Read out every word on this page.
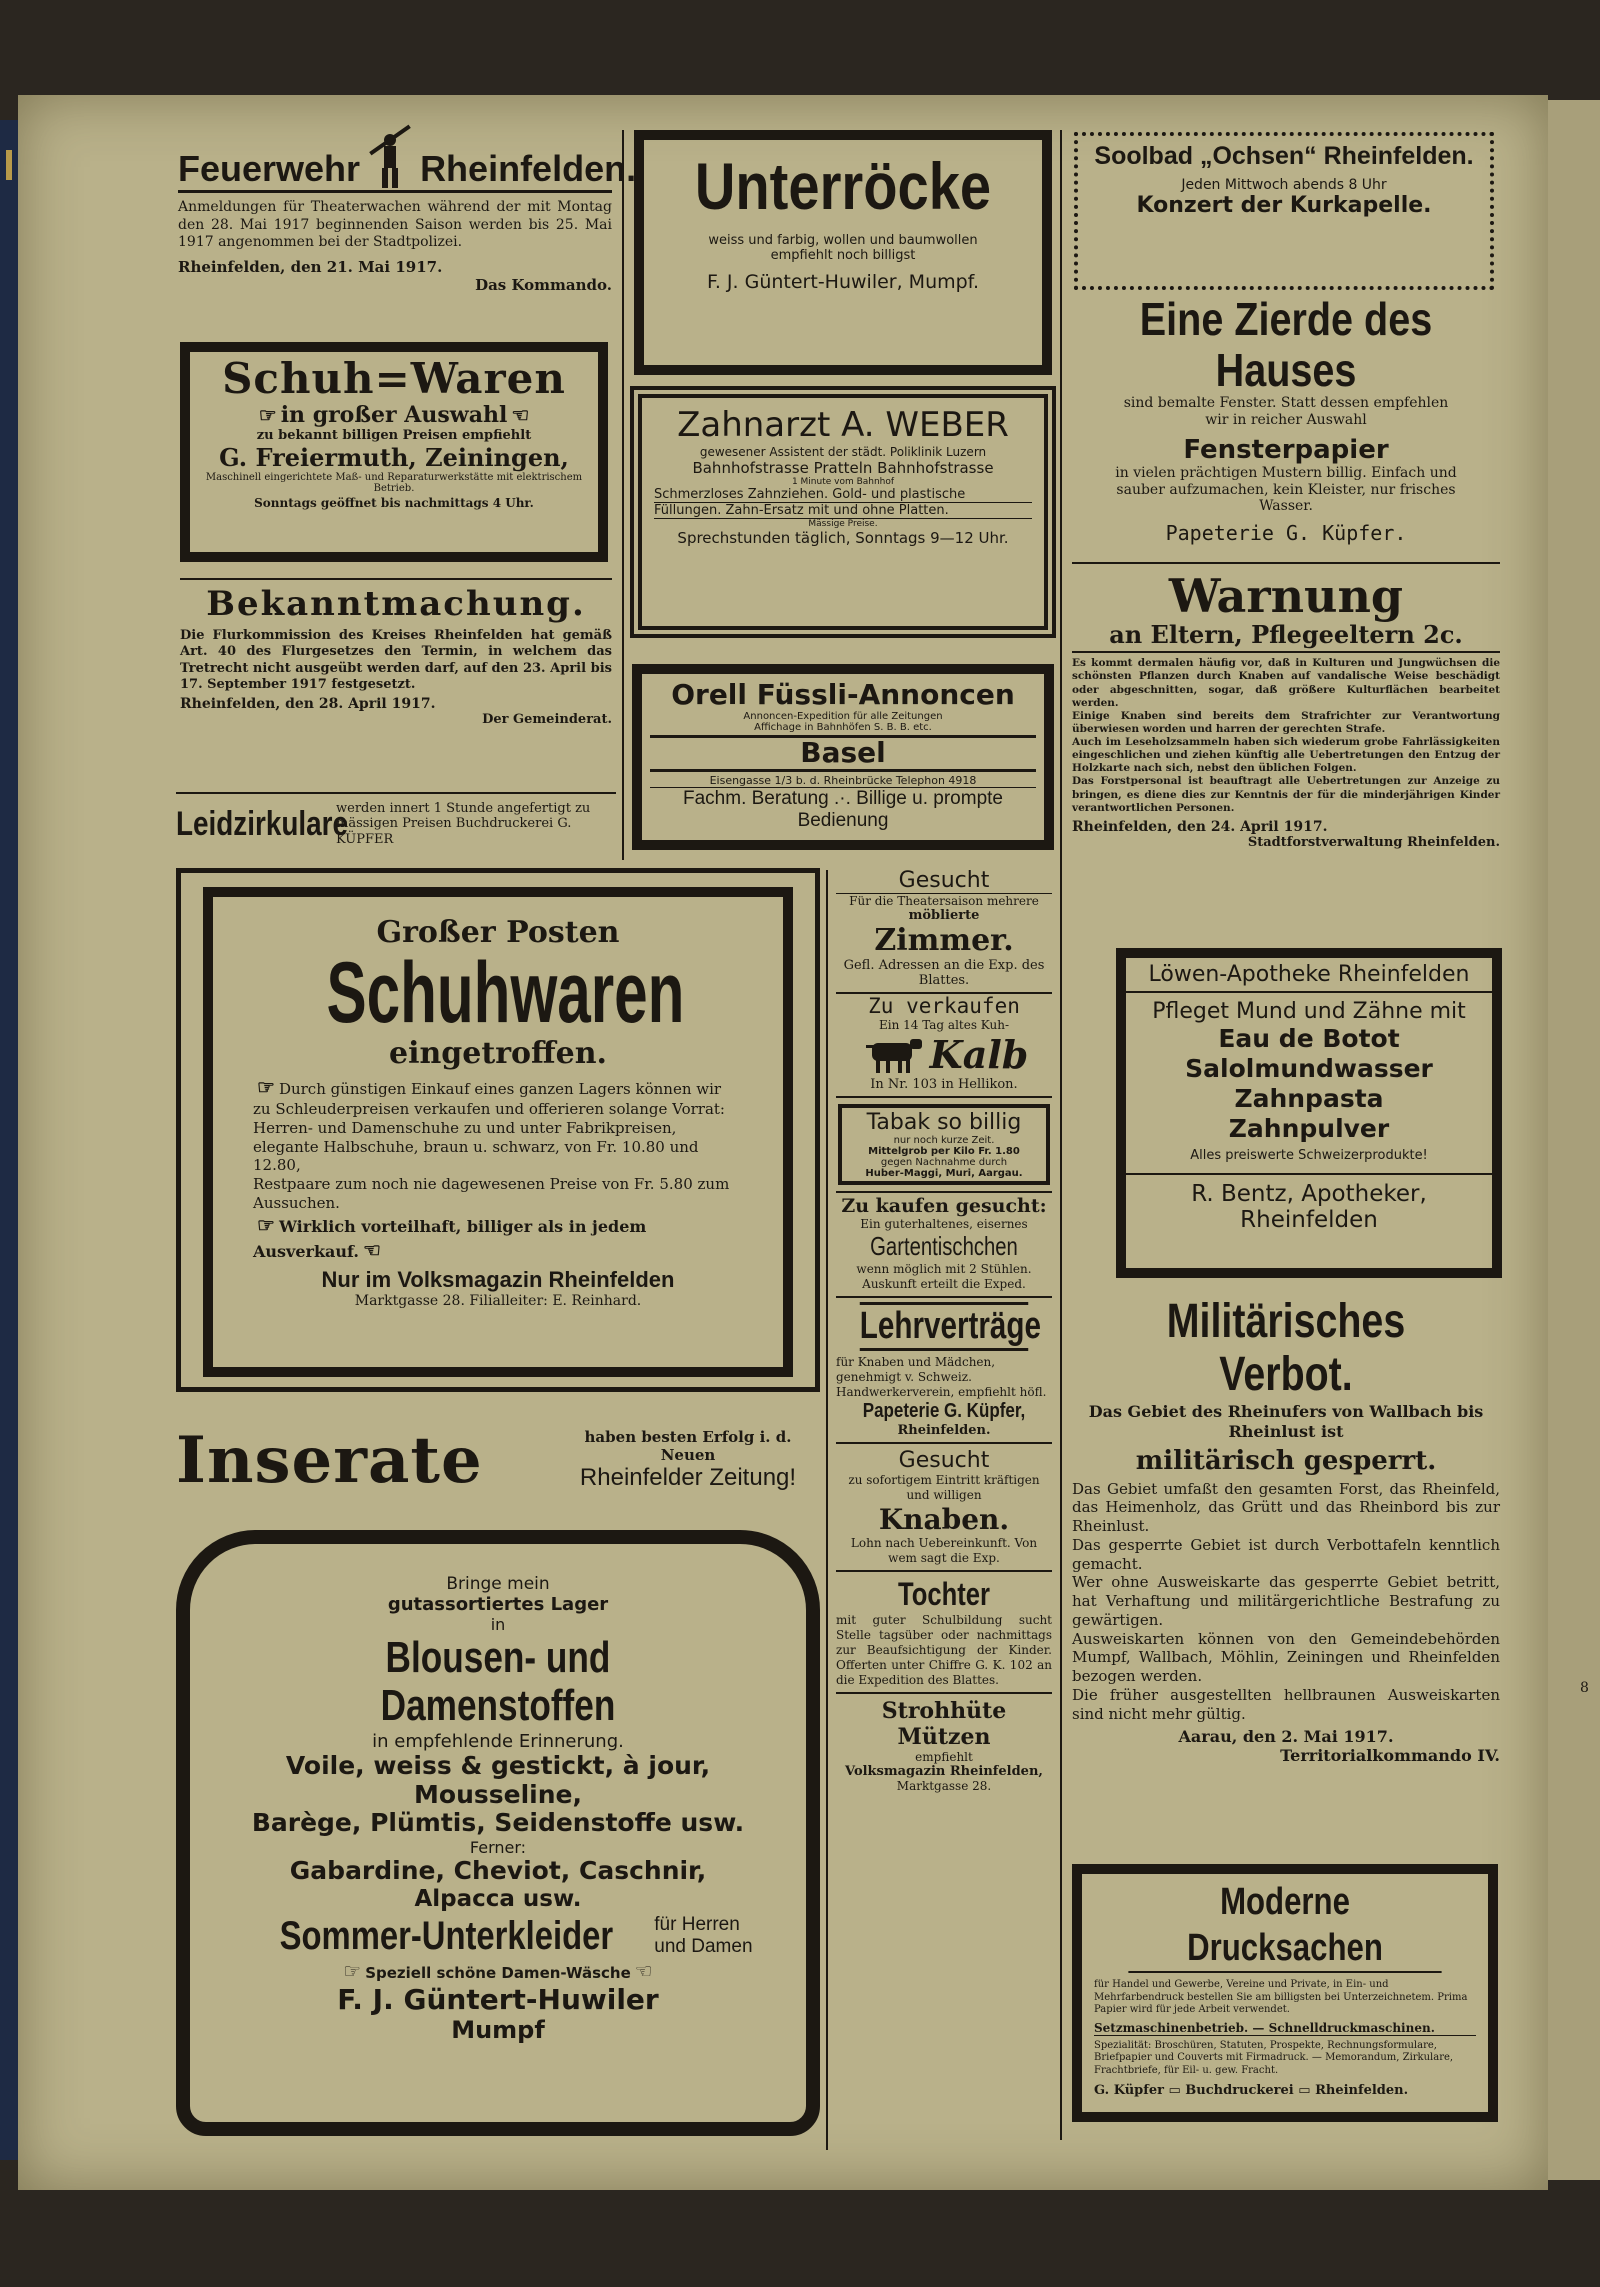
8
Feuerwehr Rheinfelden.

Anmeldungen für Theaterwachen während der mit Montag den 28. Mai 1917 beginnenden Saison werden bis 25. Mai 1917 angenommen bei der Stadtpolizei.

Rheinfelden, den 21. Mai 1917.

Das Kommando.

Schuh=Waren
☞ in großer Auswahl ☜
zu bekannt billigen Preisen empfiehlt
G. Freiermuth, Zeiningen,
Maschinell eingerichtete Maß- und Reparaturwerkstätte mit elektrischem Betrieb.
Sonntags geöffnet bis nachmittags 4 Uhr.
Bekanntmachung.

Die Flurkommission des Kreises Rheinfelden hat gemäß Art. 40 des Flurgesetzes den Termin, in welchem das Tretrecht nicht ausgeübt werden darf, auf den 23. April bis 17. September 1917 festgesetzt.

Rheinfelden, den 28. April 1917.

Der Gemeinderat.

Leidzirkulare

werden innert 1 Stunde angefertigt zu mässigen Preisen Buchdruckerei G. KÜPFER

Unterröcke
weiss und farbig, wollen und baumwollen
empfiehlt noch billigst
F. J. Güntert-Huwiler, Mumpf.
Zahnarzt A. WEBER
gewesener Assistent der städt. Poliklinik Luzern
Bahnhofstrasse Pratteln Bahnhofstrasse
1 Minute vom Bahnhof
Schmerzloses Zahnziehen. Gold- und plastische
Füllungen. Zahn-Ersatz mit und ohne Platten.
Mässige Preise.
Sprechstunden täglich, Sonntags 9—12 Uhr.
Orell Füssli-Annoncen
Annoncen-Expedition für alle Zeitungen
Affichage in Bahnhöfen S. B. B. etc.
Basel
Eisengasse 1/3 b. d. Rheinbrücke Telephon 4918
Fachm. Beratung .·. Billige u. prompte Bedienung
Soolbad „Ochsen“ Rheinfelden.
Jeden Mittwoch abends 8 Uhr
Konzert der Kurkapelle.
Eine Zierde des Hauses

sind bemalte Fenster. Statt dessen empfehlen wir in reicher Auswahl

Fensterpapier

in vielen prächtigen Mustern billig. Einfach und sauber aufzumachen, kein Kleister, nur frisches Wasser.

Papeterie G. Küpfer.
Warnung
an Eltern, Pflegeeltern 2c.

Es kommt dermalen häufig vor, daß in Kulturen und Jungwüchsen die schönsten Pflanzen durch Knaben auf vandalische Weise beschädigt oder abgeschnitten, sogar, daß größere Kulturflächen bearbeitet werden.

Einige Knaben sind bereits dem Strafrichter zur Verantwortung überwiesen worden und harren der gerechten Strafe.

Auch im Leseholzsammeln haben sich wiederum grobe Fahrlässigkeiten eingeschlichen und ziehen künftig alle Uebertretungen den Entzug der Holzkarte nach sich, nebst den üblichen Folgen.

Das Forstpersonal ist beauftragt alle Uebertretungen zur Anzeige zu bringen, es diene dies zur Kenntnis der für die minderjährigen Kinder verantwortlichen Personen.

Rheinfelden, den 24. April 1917.

Stadtforstverwaltung Rheinfelden.

Löwen-Apotheke Rheinfelden
Pfleget Mund und Zähne mit
Eau de Botot
Salolmundwasser
Zahnpasta
Zahnpulver
Alles preiswerte Schweizerprodukte!
R. Bentz, Apotheker, Rheinfelden
Militärisches Verbot.

Das Gebiet des Rheinufers von Wallbach bis Rheinlust ist

militärisch gesperrt.

Das Gebiet umfaßt den gesamten Forst, das Rheinfeld, das Heimenholz, das Grütt und das Rheinbord bis zur Rheinlust.

Das gesperrte Gebiet ist durch Verbottafeln kenntlich gemacht.

Wer ohne Ausweiskarte das gesperrte Gebiet betritt, hat Verhaftung und militärgerichtliche Bestrafung zu gewärtigen.

Ausweiskarten können von den Gemeindebehörden Mumpf, Wallbach, Möhlin, Zeiningen und Rheinfelden bezogen werden.

Die früher ausgestellten hellbraunen Ausweiskarten sind nicht mehr gültig.

Aarau, den 2. Mai 1917.

Territorialkommando IV.

Moderne Drucksachen

für Handel und Gewerbe, Vereine und Private, in Ein- und Mehrfarbendruck bestellen Sie am billigsten bei Unterzeichnetem. Prima Papier wird für jede Arbeit verwendet.

Setzmaschinenbetrieb. — Schnelldruckmaschinen.

Spezialität: Broschüren, Statuten, Prospekte, Rechnungsformulare, Briefpapier und Couverts mit Firmadruck. — Memorandum, Zirkulare, Frachtbriefe, für Eil- u. gew. Fracht.

G. Küpfer ▭ Buchdruckerei ▭ Rheinfelden.

Großer Posten
Schuhwaren
eingetroffen.

☞ Durch günstigen Einkauf eines ganzen Lagers können wir zu Schleuderpreisen verkaufen und offerieren solange Vorrat:

Herren- und Damenschuhe zu und unter Fabrikpreisen, elegante Halbschuhe, braun u. schwarz, von Fr. 10.80 und 12.80,

Restpaare zum noch nie dagewesenen Preise von Fr. 5.80 zum Aussuchen.

☞ Wirklich vorteilhaft, billiger als in jedem Ausverkauf. ☜

Nur im Volksmagazin Rheinfelden
Marktgasse 28. Filialleiter: E. Reinhard.
Inserate	haben besten Erfolg i. d.
Neuen
Rheinfelder Zeitung!
Bringe mein
gutassortiertes Lager
in
Blousen- und Damenstoffen
in empfehlende Erinnerung.
Voile, weiss & gestickt, à jour, Mousseline,
Barège, Plümtis, Seidenstoffe usw.
Ferner:
Gabardine, Cheviot, Caschnir,
Alpacca usw.
Sommer-Unterkleider für Herren
und Damen
☞ Speziell schöne Damen-Wäsche ☜
F. J. Güntert-Huwiler
Mumpf
Gesucht
Für die Theatersaison mehrere
möblierte
Zimmer.
Gefl. Adressen an die Exp. des Blattes.
Zu verkaufen
Ein 14 Tag altes Kuh-
Kalb
In Nr. 103 in Hellikon.
Tabak so billig
nur noch kurze Zeit.
Mittelgrob per Kilo Fr. 1.80
gegen Nachnahme durch
Huber-Maggi, Muri, Aargau.
Zu kaufen gesucht:
Ein guterhaltenes, eisernes
Gartentischchen
wenn möglich mit 2 Stühlen. Auskunft erteilt die Exped.
Lehrverträge

für Knaben und Mädchen, genehmigt v. Schweiz. Handwerkerverein, empfiehlt höfl.

Papeterie G. Küpfer,
Rheinfelden.
Gesucht

zu sofortigem Eintritt kräftigen und willigen

Knaben.

Lohn nach Uebereinkunft. Von wem sagt die Exp.

Tochter

mit guter Schulbildung sucht Stelle tagsüber oder nachmittags zur Beaufsichtigung der Kinder. Offerten unter Chiffre G. K. 102 an die Expedition des Blattes.

Strohhüte
Mützen
empfiehlt
Volksmagazin Rheinfelden,
Marktgasse 28.
